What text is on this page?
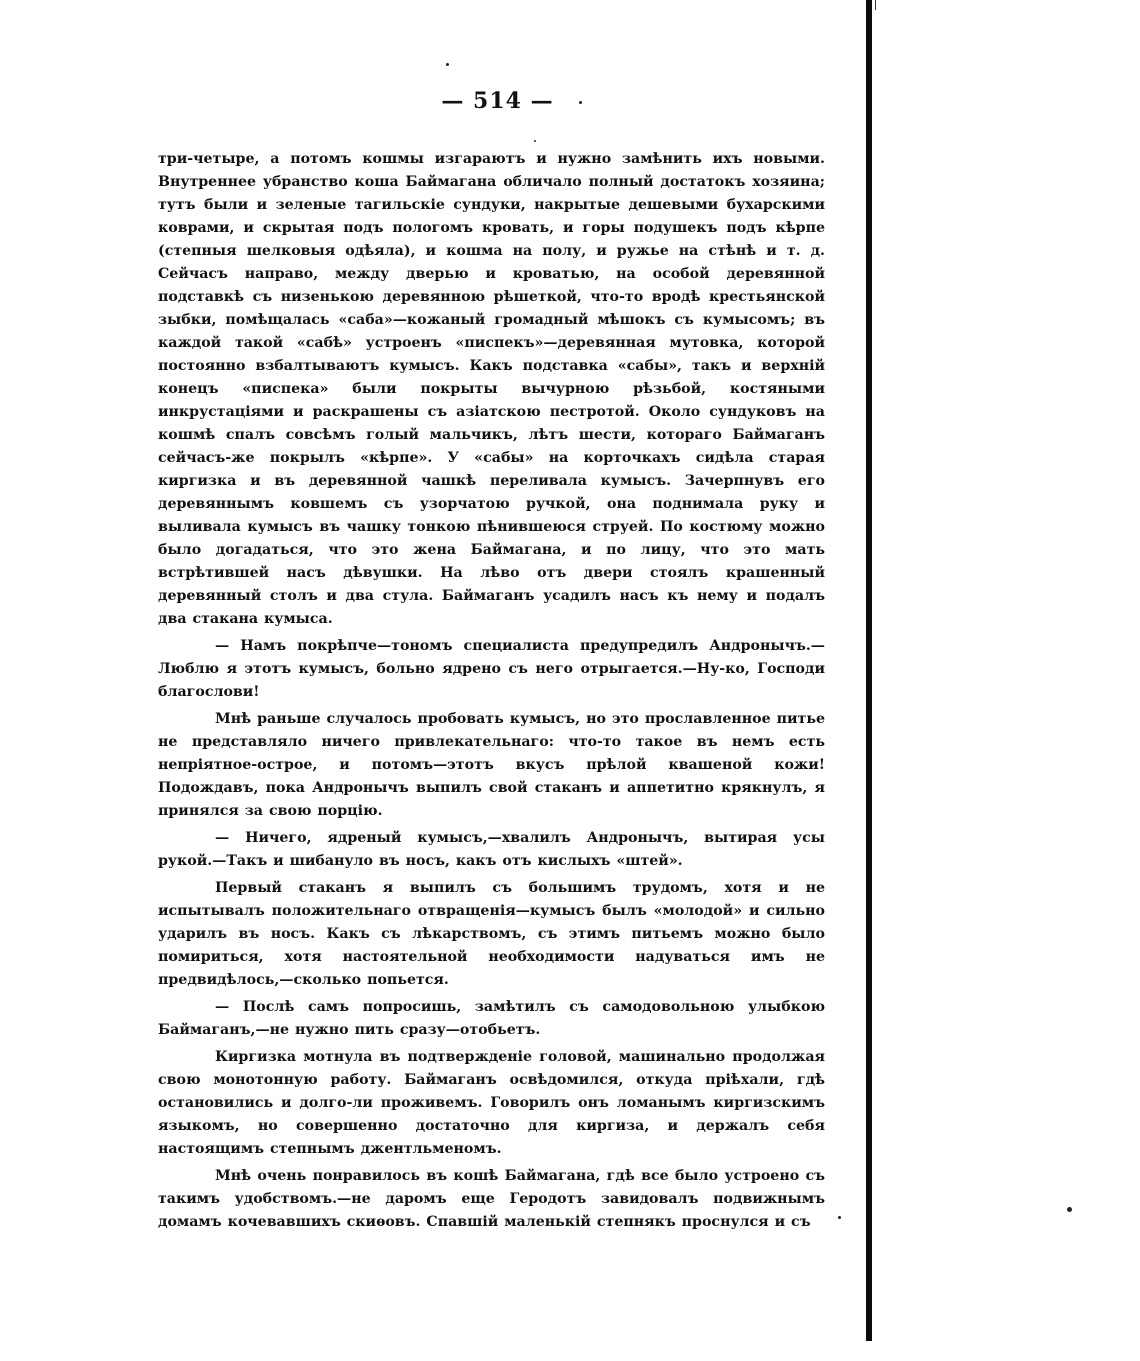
— 514 —

три-четыре, а потомъ кошмы изгараютъ и нужно замѣнить ихъ новыми. Внутреннее убранство коша Баймагана обличало полный достатокъ хозяина; тутъ были и зеленые тагильскіе сундуки, накрытые дешевыми бухарскими коврами, и скрытая подъ пологомъ кровать, и горы подушекъ подъ кѣрпе (степныя шелковыя одѣяла), и кошма на полу, и ружье на стѣнѣ и т. д. Сейчасъ направо, между дверью и кроватью, на особой деревянной подставкѣ съ низенькою деревянною рѣшеткой, что-то вродѣ крестьянской зыбки, помѣщалась «саба»—кожаный громадный мѣшокъ съ кумысомъ; въ каждой такой «сабѣ» устроенъ «писпекъ»—деревянная мутовка, которой постоянно взбалтываютъ кумысъ. Какъ подставка «сабы», такъ и верхній конецъ «писпека» были покрыты вычурною рѣзьбой, костяными инкрустаціями и раскрашены съ азіатскою пестротой. Около сундуковъ на кошмѣ спалъ совсѣмъ голый мальчикъ, лѣтъ шести, котораго Баймаганъ сейчасъ-же покрылъ «кѣрпе». У «сабы» на корточкахъ сидѣла старая киргизка и въ деревянной чашкѣ переливала кумысъ. Зачерпнувъ его деревяннымъ ковшемъ съ узорчатою ручкой, она поднимала руку и выливала кумысъ въ чашку тонкою пѣнившеюся струей. По костюму можно было догадаться, что это жена Баймагана, и по лицу, что это мать встрѣтившей насъ дѣвушки. На лѣво отъ двери стоялъ крашенный деревянный столъ и два стула. Баймаганъ усадилъ насъ къ нему и подалъ два стакана кумыса.

— Намъ покрѣпче—тономъ специалиста предупредилъ Андронычъ.— Люблю я этотъ кумысъ, больно ядрено съ него отрыгается.—Ну-ко, Господи благослови!

Мнѣ раньше случалось пробовать кумысъ, но это прославленное питье не представляло ничего привлекательнаго: что-то такое въ немъ есть непріятное-острое, и потомъ—этотъ вкусъ прѣлой квашеной кожи! Подождавъ, пока Андронычъ выпилъ свой стаканъ и аппетитно крякнулъ, я принялся за свою порцію.

— Ничего, ядреный кумысъ,—хвалилъ Андронычъ, вытирая усы рукой.—Такъ и шибануло въ носъ, какъ отъ кислыхъ «штей».

Первый стаканъ я выпилъ съ большимъ трудомъ, хотя и не испытывалъ положительнаго отвращенія—кумысъ былъ «молодой» и сильно ударилъ въ носъ. Какъ съ лѣкарствомъ, съ этимъ питьемъ можно было помириться, хотя настоятельной необходимости надуваться имъ не предвидѣлось,—сколько попьется.

— Послѣ самъ попросишь, замѣтилъ съ самодовольною улыбкою Баймаганъ,—не нужно пить сразу—отобьетъ.

Киргизка мотнула въ подтвержденіе головой, машинально продолжая свою монотонную работу. Баймаганъ освѣдомился, откуда пріѣхали, гдѣ остановились и долго-ли проживемъ. Говорилъ онъ ломанымъ киргизскимъ языкомъ, но совершенно достаточно для киргиза, и держалъ себя настоящимъ степнымъ джентльменомъ.

Мнѣ очень понравилось въ кошѣ Баймагана, гдѣ все было устроено съ такимъ удобствомъ.—не даромъ еще Геродотъ завидовалъ подвижнымъ домамъ кочевавшихъ скиѳовъ. Спавшій маленькій степнякъ проснулся и съ
